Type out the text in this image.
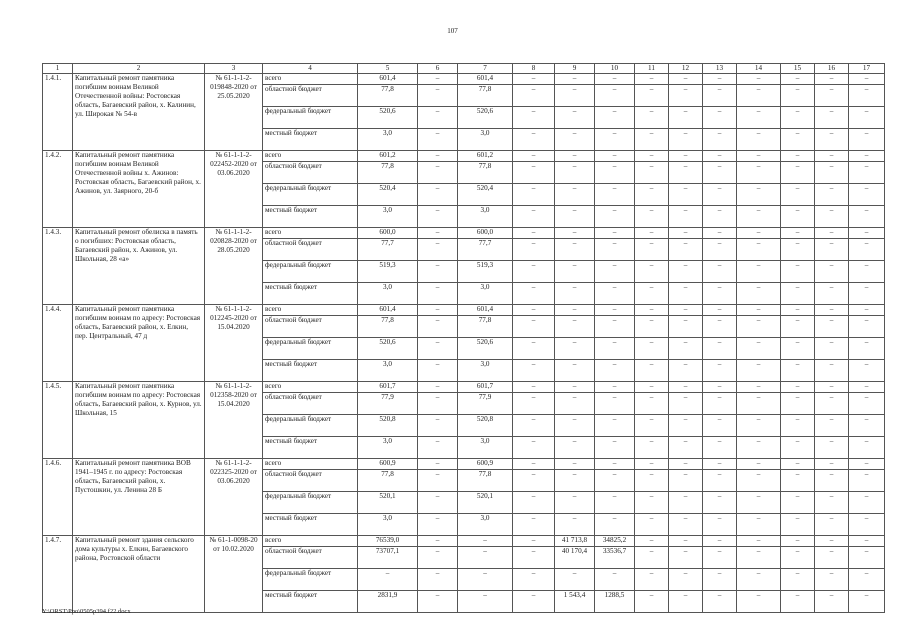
107
1	2	3	4	5	6	7	8	9	10	11	12	13	14	15	16	17
1.4.1.	Капитальный ремонт памятника погибшим воинам Великой Отечественной войны: Ростовская область, Багаевский район, х. Калинин, ул. Широкая № 54-в	№ 61-1-1-2-019848-2020 от 25.05.2020	всего	601,4	–	601,4	–	–	–	–	–	–	–	–	–	–
			областной бюджет	77,8	–	77,8	–	–	–	–	–	–	–	–	–	–
			федеральный бюджет	520,6	–	520,6	–	–	–	–	–	–	–	–	–	–
			местный бюджет	3,0	–	3,0	–	–	–	–	–	–	–	–	–	–
1.4.2.	Капитальный ремонт памятника погибшим воинам Великой Отечественной войны х. Ажинов: Ростовская область, Багаевский район, х. Ажинов, ул. Заярного, 20-б	№ 61-1-1-2-022452-2020 от 03.06.2020	всего	601,2	–	601,2	–	–	–	–	–	–	–	–	–	–
			областной бюджет	77,8	–	77,8	–	–	–	–	–	–	–	–	–	–
			федеральный бюджет	520,4	–	520,4	–	–	–	–	–	–	–	–	–	–
			местный бюджет	3,0	–	3,0	–	–	–	–	–	–	–	–	–	–
1.4.3.	Капитальный ремонт обелиска в память о погибших: Ростовская область, Багаевский район, х. Ажинов, ул. Школьная, 28 «а»	№ 61-1-1-2-020828-2020 от 28.05.2020	всего	600,0	–	600,0	–	–	–	–	–	–	–	–	–	–
			областной бюджет	77,7	–	77,7	–	–	–	–	–	–	–	–	–	–
			федеральный бюджет	519,3	–	519,3	–	–	–	–	–	–	–	–	–	–
			местный бюджет	3,0	–	3,0	–	–	–	–	–	–	–	–	–	–
1.4.4.	Капитальный ремонт памятника погибшим воинам по адресу: Ростовская область, Багаевский район, х. Елкин, пер. Центральный, 47 д	№ 61-1-1-2-012245-2020 от 15.04.2020	всего	601,4	–	601,4	–	–	–	–	–	–	–	–	–	–
			областной бюджет	77,8	–	77,8	–	–	–	–	–	–	–	–	–	–
			федеральный бюджет	520,6	–	520,6	–	–	–	–	–	–	–	–	–	–
			местный бюджет	3,0	–	3,0	–	–	–	–	–	–	–	–	–	–
1.4.5.	Капитальный ремонт памятника погибшим воинам по адресу: Ростовская область, Багаевский район, х. Курнов, ул. Школьная, 15	№ 61-1-1-2-012358-2020 от 15.04.2020	всего	601,7	–	601,7	–	–	–	–	–	–	–	–	–	–
			областной бюджет	77,9	–	77,9	–	–	–	–	–	–	–	–	–	–
			федеральный бюджет	520,8	–	520,8	–	–	–	–	–	–	–	–	–	–
			местный бюджет	3,0	–	3,0	–	–	–	–	–	–	–	–	–	–
1.4.6.	Капитальный ремонт памятника ВОВ 1941–1945 г. по адресу: Ростовская область, Багаевский район, х. Пустошкин, ул. Ленина 28 Б	№ 61-1-1-2-022325-2020 от 03.06.2020	всего	600,9	–	600,9	–	–	–	–	–	–	–	–	–	–
			областной бюджет	77,8	–	77,8	–	–	–	–	–	–	–	–	–	–
			федеральный бюджет	520,1	–	520,1	–	–	–	–	–	–	–	–	–	–
			местный бюджет	3,0	–	3,0	–	–	–	–	–	–	–	–	–	–
1.4.7.	Капитальный ремонт здания сельского дома культуры х. Елкин, Багаевского района, Ростовской области	№ 61-1-0098-20 от 10.02.2020	всего	76539,0	–	–	–	41 713,8	34825,2	–	–	–	–	–	–	–
			областной бюджет	73707,1	–	–	–	40 170,4	33536,7	–	–	–	–	–	–	–
			федеральный бюджет	–	–	–	–	–	–	–	–	–	–	–	–	–
			местный бюджет	2831,9	–	–	–	1 543,4	1288,5	–	–	–	–	–	–	–
Y:\ORST\Ppo\0505p394.f22.docx
